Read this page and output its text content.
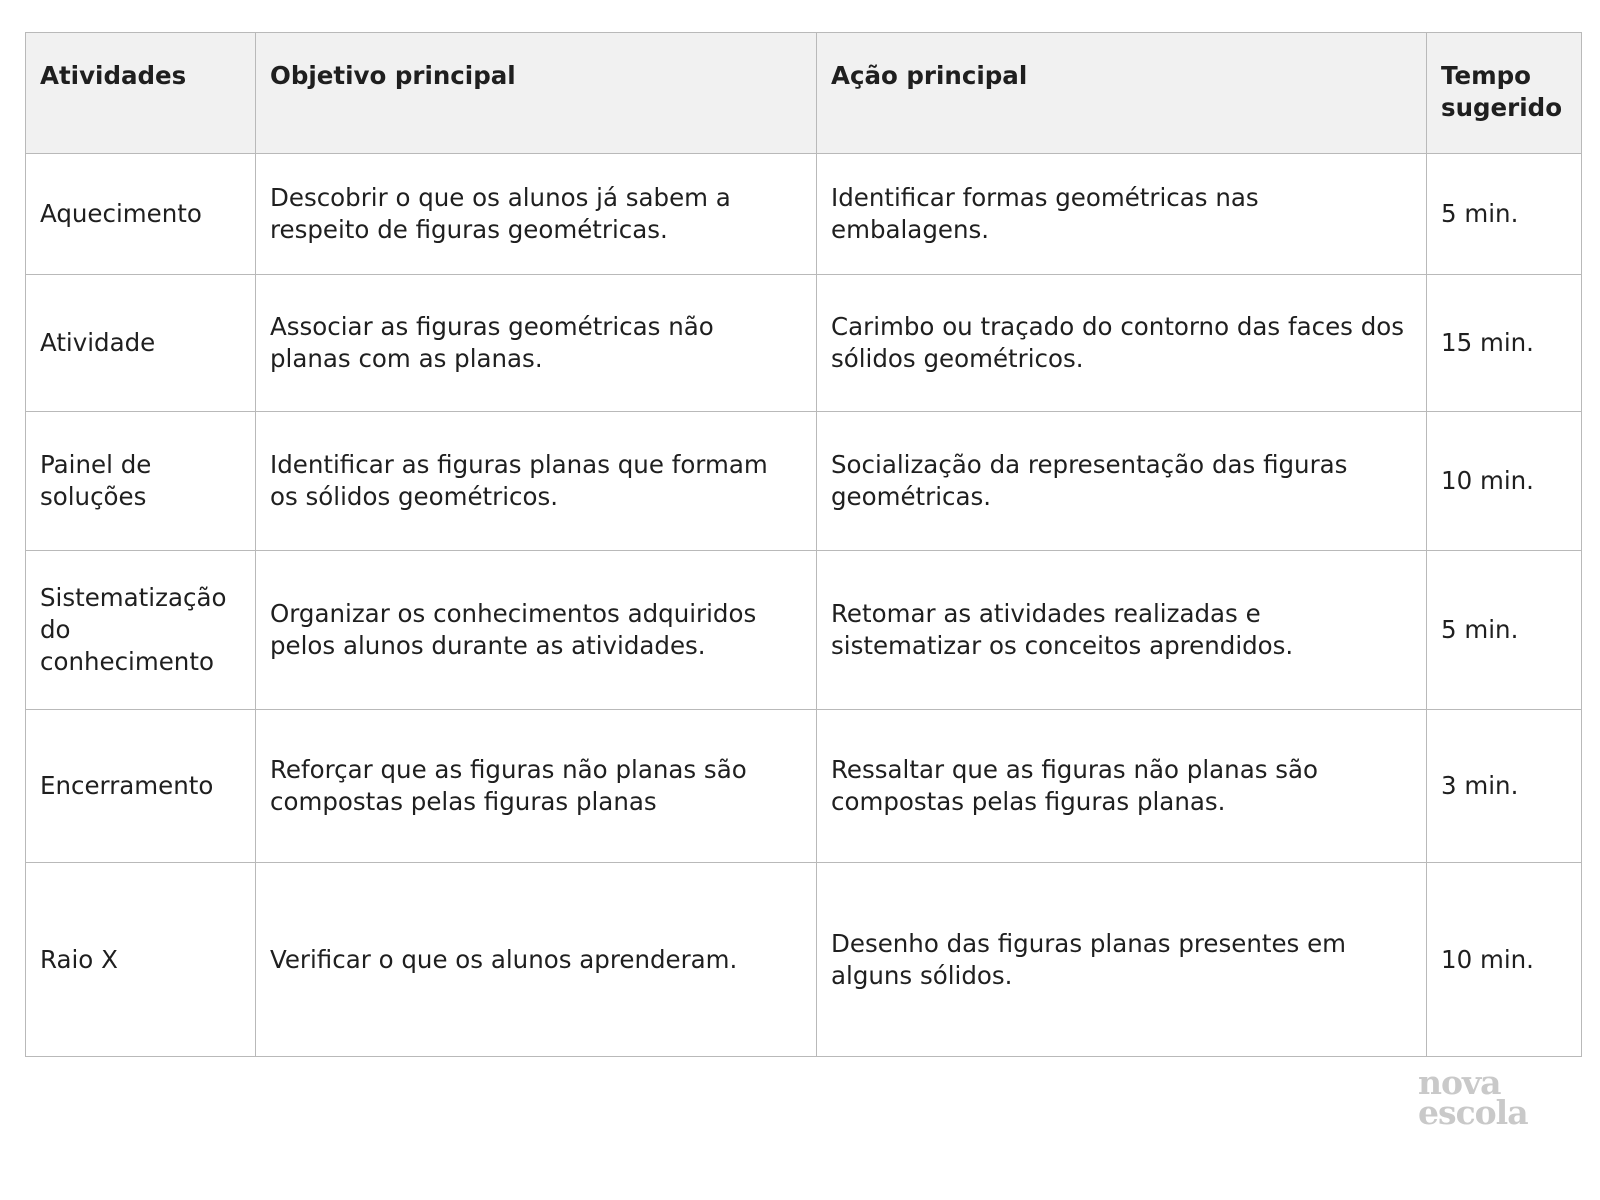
Atividades	Objetivo principal	Ação principal	Tempo sugerido
Aquecimento	Descobrir o que os alunos já sabem a respeito de figuras geométricas.	Identificar formas geométricas nas embalagens.	5 min.
Atividade	Associar as figuras geométricas não planas com as planas.	Carimbo ou traçado do contorno das faces dos sólidos geométricos.	15 min.
Painel de soluções	Identificar as figuras planas que formam os sólidos geométricos.	Socialização da representação das figuras geométricas.	10 min.
Sistematização do conhecimento	Organizar os conhecimentos adquiridos pelos alunos durante as atividades.	Retomar as atividades realizadas e sistematizar os conceitos aprendidos.	5 min.
Encerramento	Reforçar que as figuras não planas são compostas pelas figuras planas	Ressaltar que as figuras não planas são compostas pelas figuras planas.	3 min.
Raio X	Verificar o que os alunos aprenderam.	Desenho das figuras planas presentes em alguns sólidos.	10 min.
nova
escola
